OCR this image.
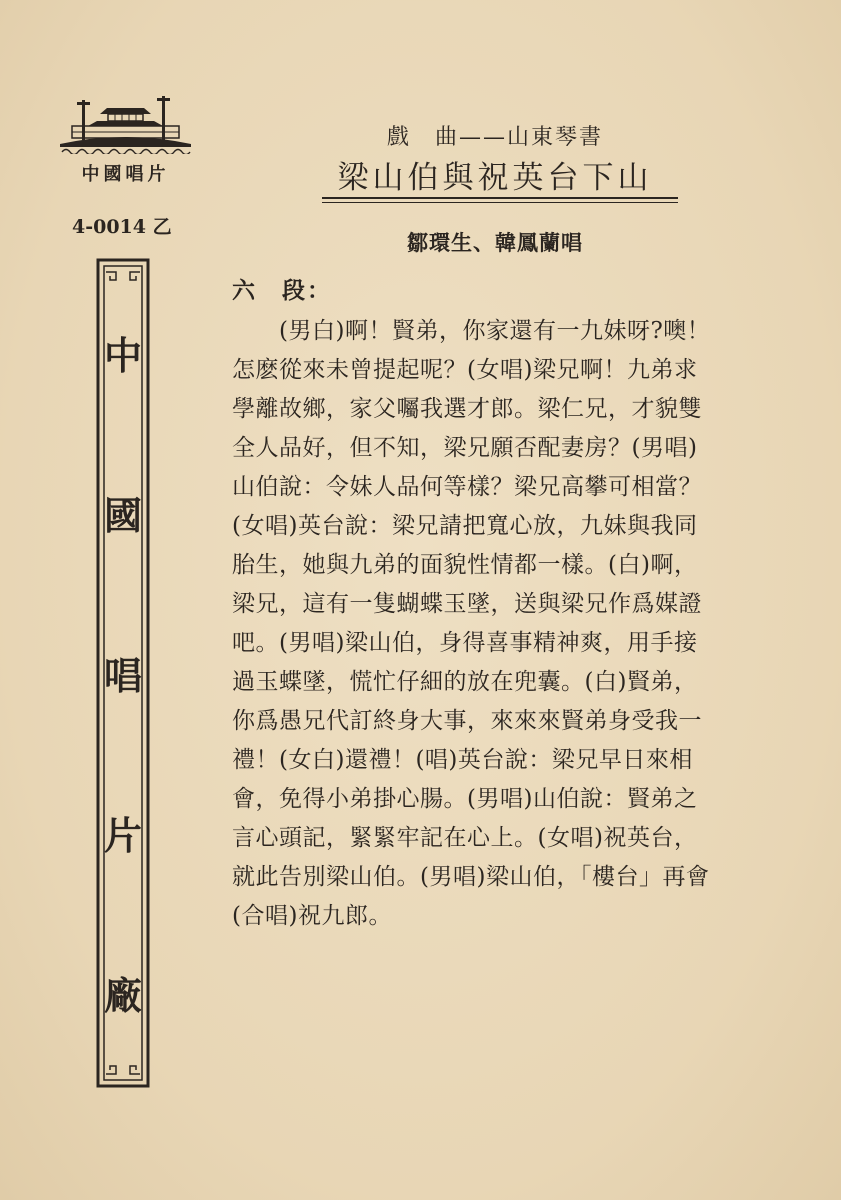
中國唱片
4-0014 乙
中
國
唱
片
廠
戲　曲——山東琴書
梁山伯與祝英台下山
鄒環生、韓鳳蘭唱
六　段：
　　(男白)啊！賢弟，你家還有一九妹呀?噢！
怎麽從來未曾提起呢？(女唱)梁兄啊！九弟求
學離故鄉，家父囑我選才郎。梁仁兄，才貌雙
全人品好，但不知，梁兄願否配妻房？(男唱)
山伯說：令妹人品何等樣？梁兄高攀可相當？
(女唱)英台說：梁兄請把寬心放，九妹與我同
胎生，她與九弟的面貌性情都一樣。(白)啊，
梁兄，這有一隻蝴蝶玉墜，送與梁兄作爲媒證
吧。(男唱)梁山伯，身得喜事精神爽，用手接
過玉蝶墜，慌忙仔細的放在兜囊。(白)賢弟，
你爲愚兄代訂終身大事，來來來賢弟身受我一
禮！(女白)還禮！(唱)英台說：梁兄早日來相
會，免得小弟掛心腸。(男唱)山伯說：賢弟之
言心頭記，緊緊牢記在心上。(女唱)祝英台，
就此告別梁山伯。(男唱)梁山伯，「樓台」再會
(合唱)祝九郎。
